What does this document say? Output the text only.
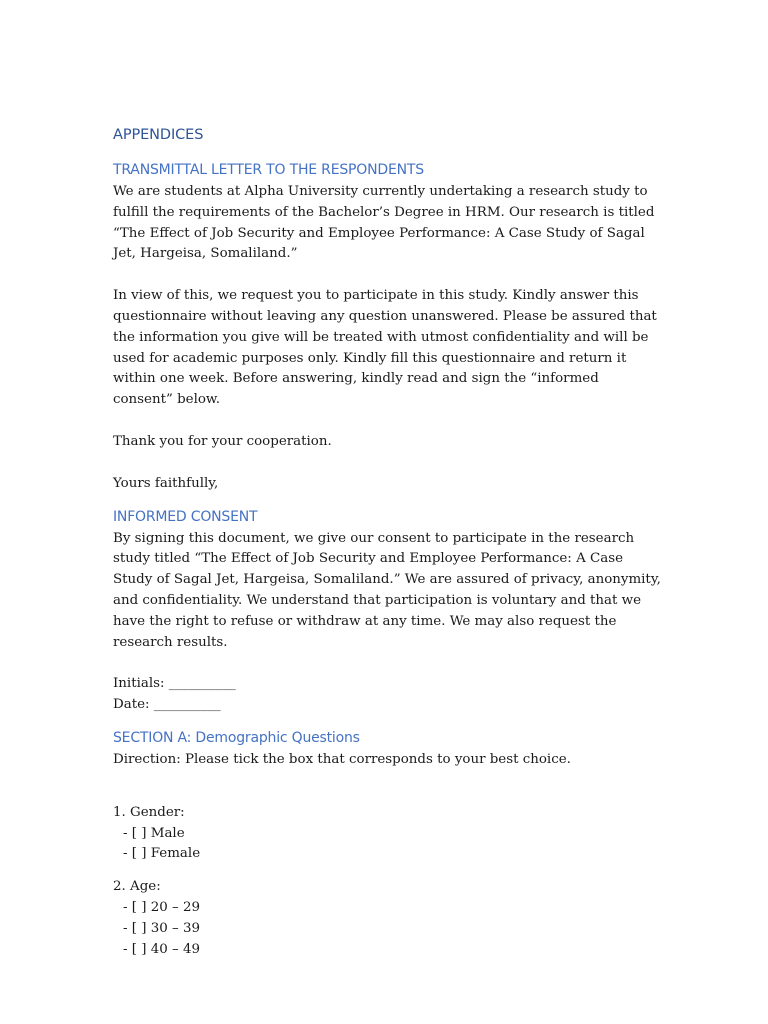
APPENDICES
TRANSMITTAL LETTER TO THE RESPONDENTS

We are students at Alpha University currently undertaking a research study to fulfill the requirements of the Bachelor’s Degree in HRM. Our research is titled “The Effect of Job Security and Employee Performance: A Case Study of Sagal Jet, Hargeisa, Somaliland.”

In view of this, we request you to participate in this study. Kindly answer this questionnaire without leaving any question unanswered. Please be assured that the information you give will be treated with utmost confidentiality and will be used for academic purposes only. Kindly fill this questionnaire and return it within one week. Before answering, kindly read and sign the “informed consent” below.

Thank you for your cooperation.

Yours faithfully,

INFORMED CONSENT

By signing this document, we give our consent to participate in the research study titled “The Effect of Job Security and Employee Performance: A Case Study of Sagal Jet, Hargeisa, Somaliland.” We are assured of privacy, anonymity, and confidentiality. We understand that participation is voluntary and that we have the right to refuse or withdraw at any time. We may also request the research results.

Initials: __________

Date: __________

SECTION A: Demographic Questions

Direction: Please tick the box that corresponds to your best choice.

1. Gender:

- [ ] Male

- [ ] Female

2. Age:

- [ ] 20 – 29

- [ ] 30 – 39

- [ ] 40 – 49
